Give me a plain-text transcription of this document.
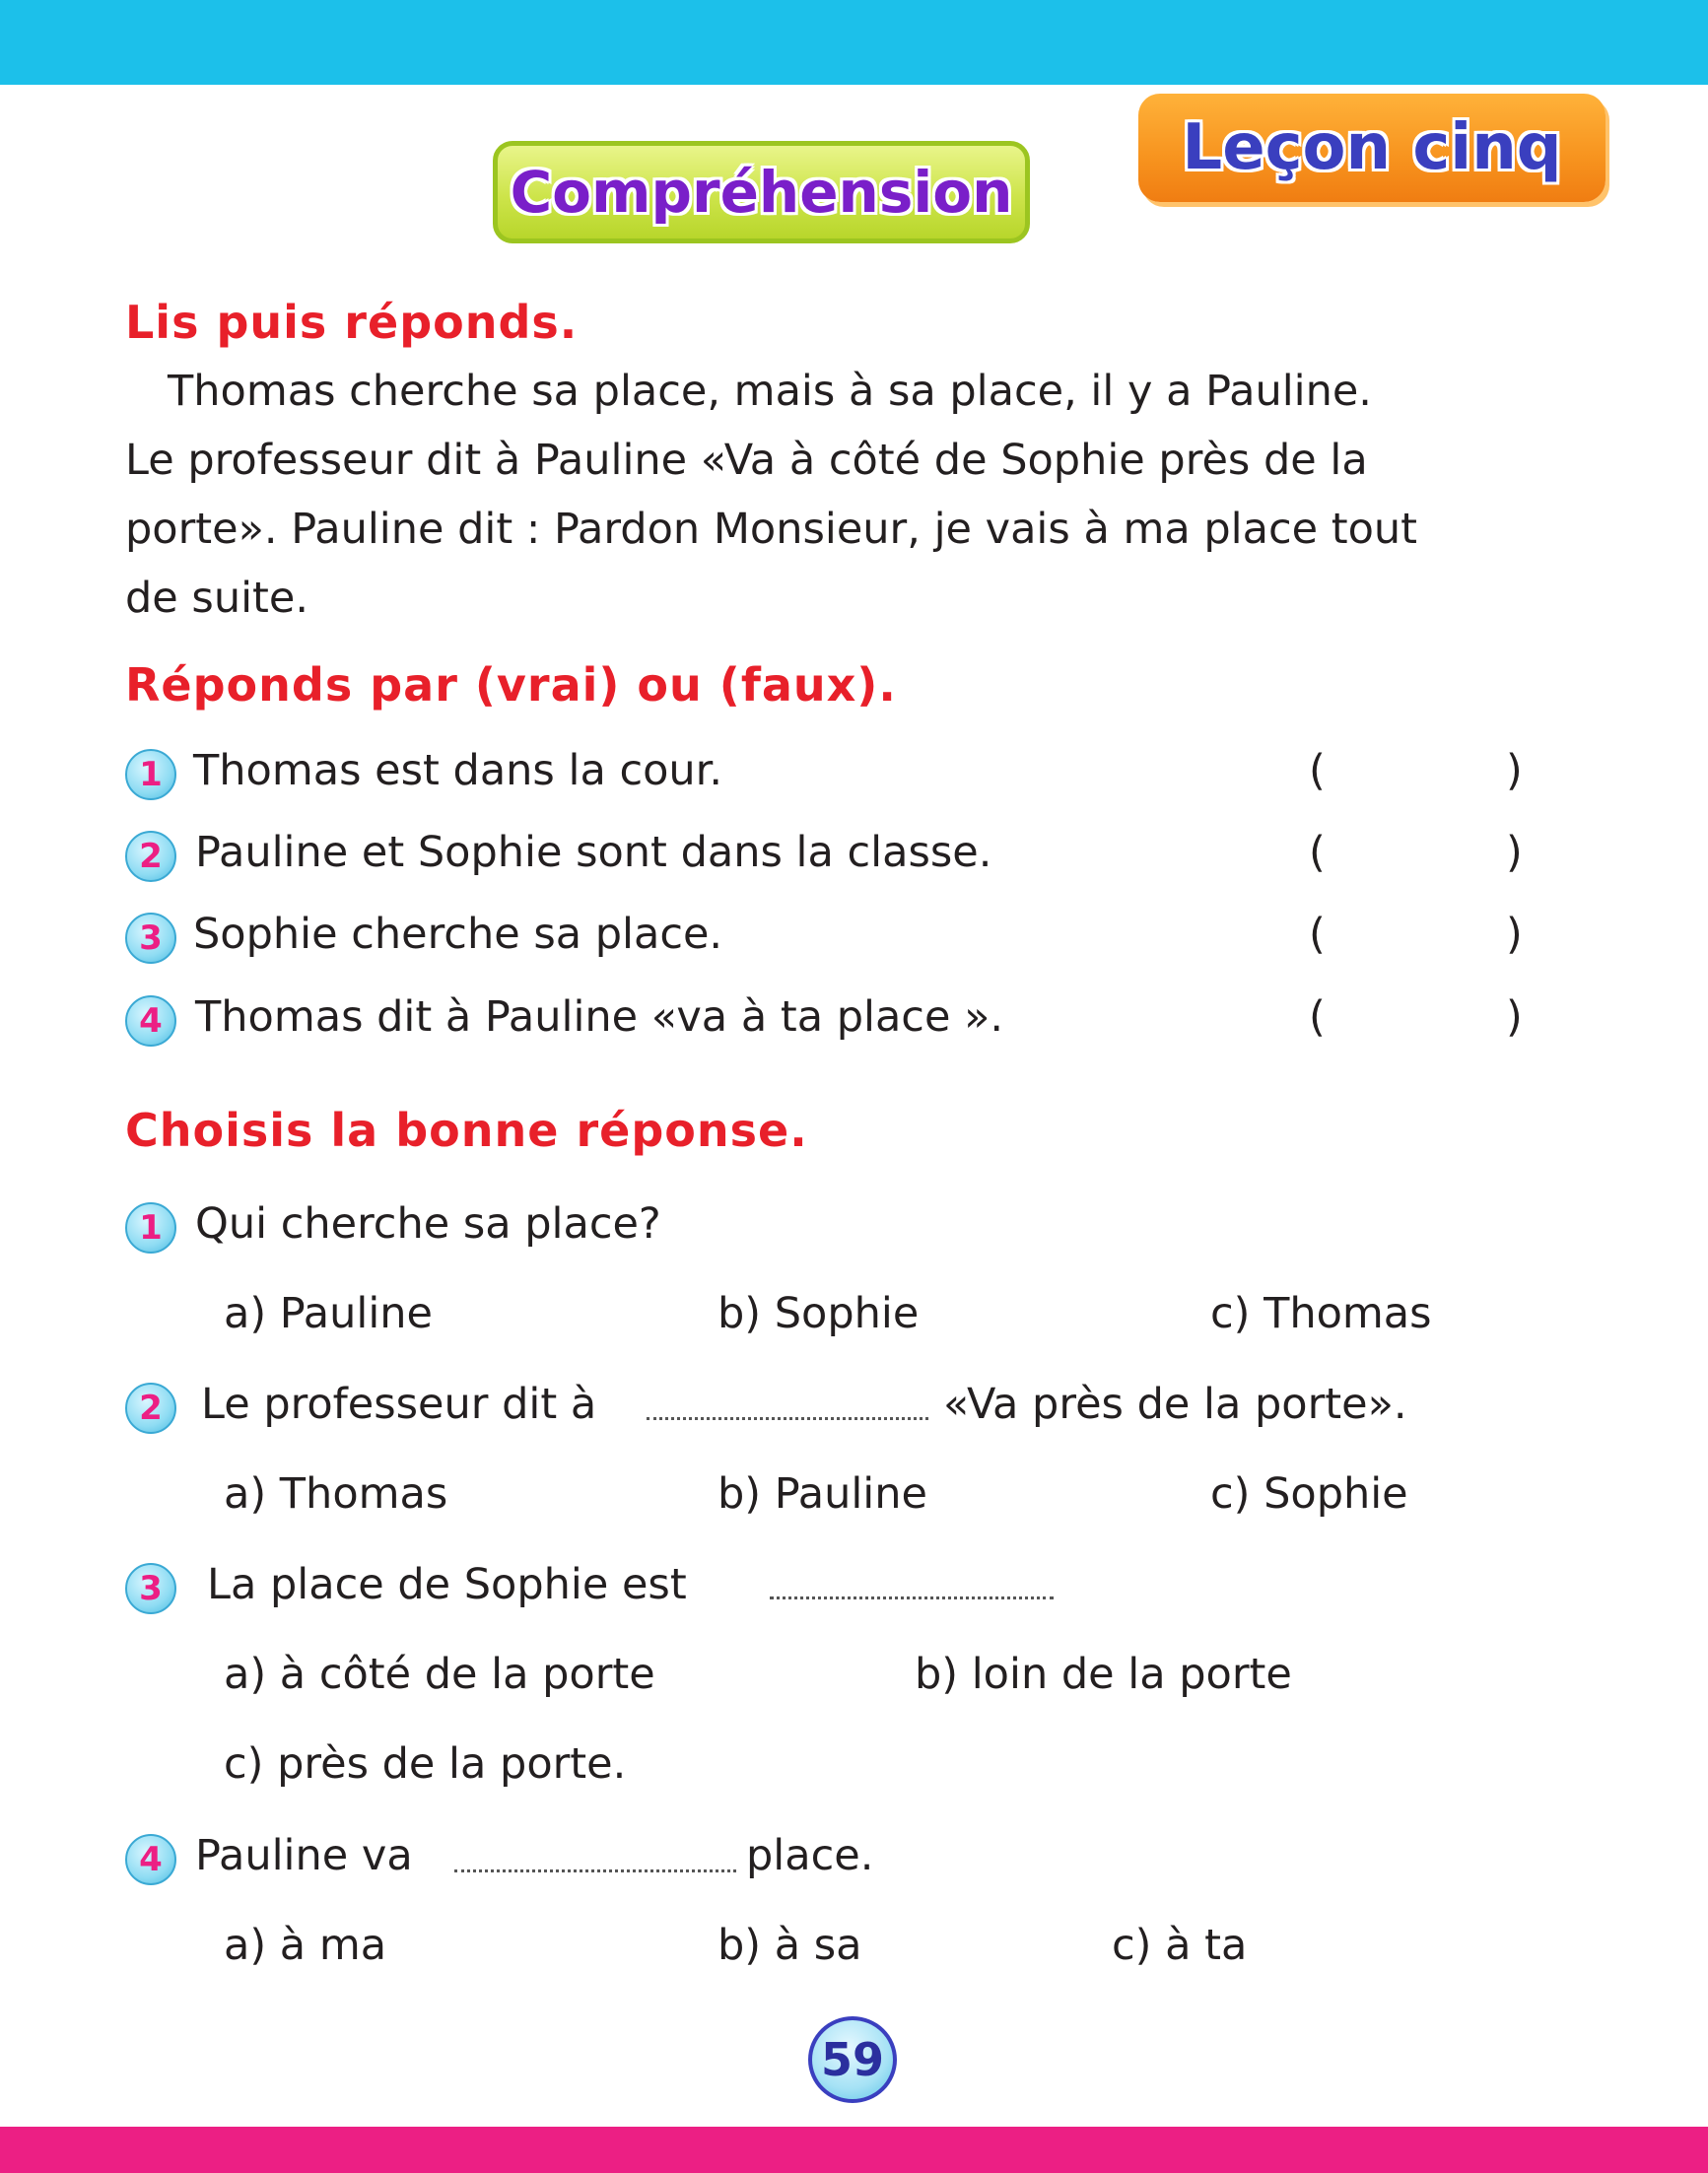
Leçon cinq
Compréhension
Lis puis réponds.
Thomas cherche sa place, mais à sa place, il y a Pauline.
Le professeur dit à Pauline «Va à côté de Sophie près de la
porte». Pauline dit : Pardon Monsieur, je vais à ma place tout
de suite.
Réponds par (vrai) ou (faux).
1 Thomas est dans la cour.	(	)
2 Pauline et Sophie sont dans la classe.	(	)
3 Sophie cherche sa place.	(	)
4 Thomas dit à Pauline «va à ta place ».	(	)
Choisis la bonne réponse.
1 Qui cherche sa place?
a) Pauline	b) Sophie	c) Thomas
2 Le professeur dit à	«Va près de la porte».
a) Thomas	b) Pauline	c) Sophie
3	La place de Sophie est
a) à côté de la porte	b) loin de la porte
c) près de la porte.
4 Pauline va	place.
a) à ma	b) à sa	c) à ta
59
